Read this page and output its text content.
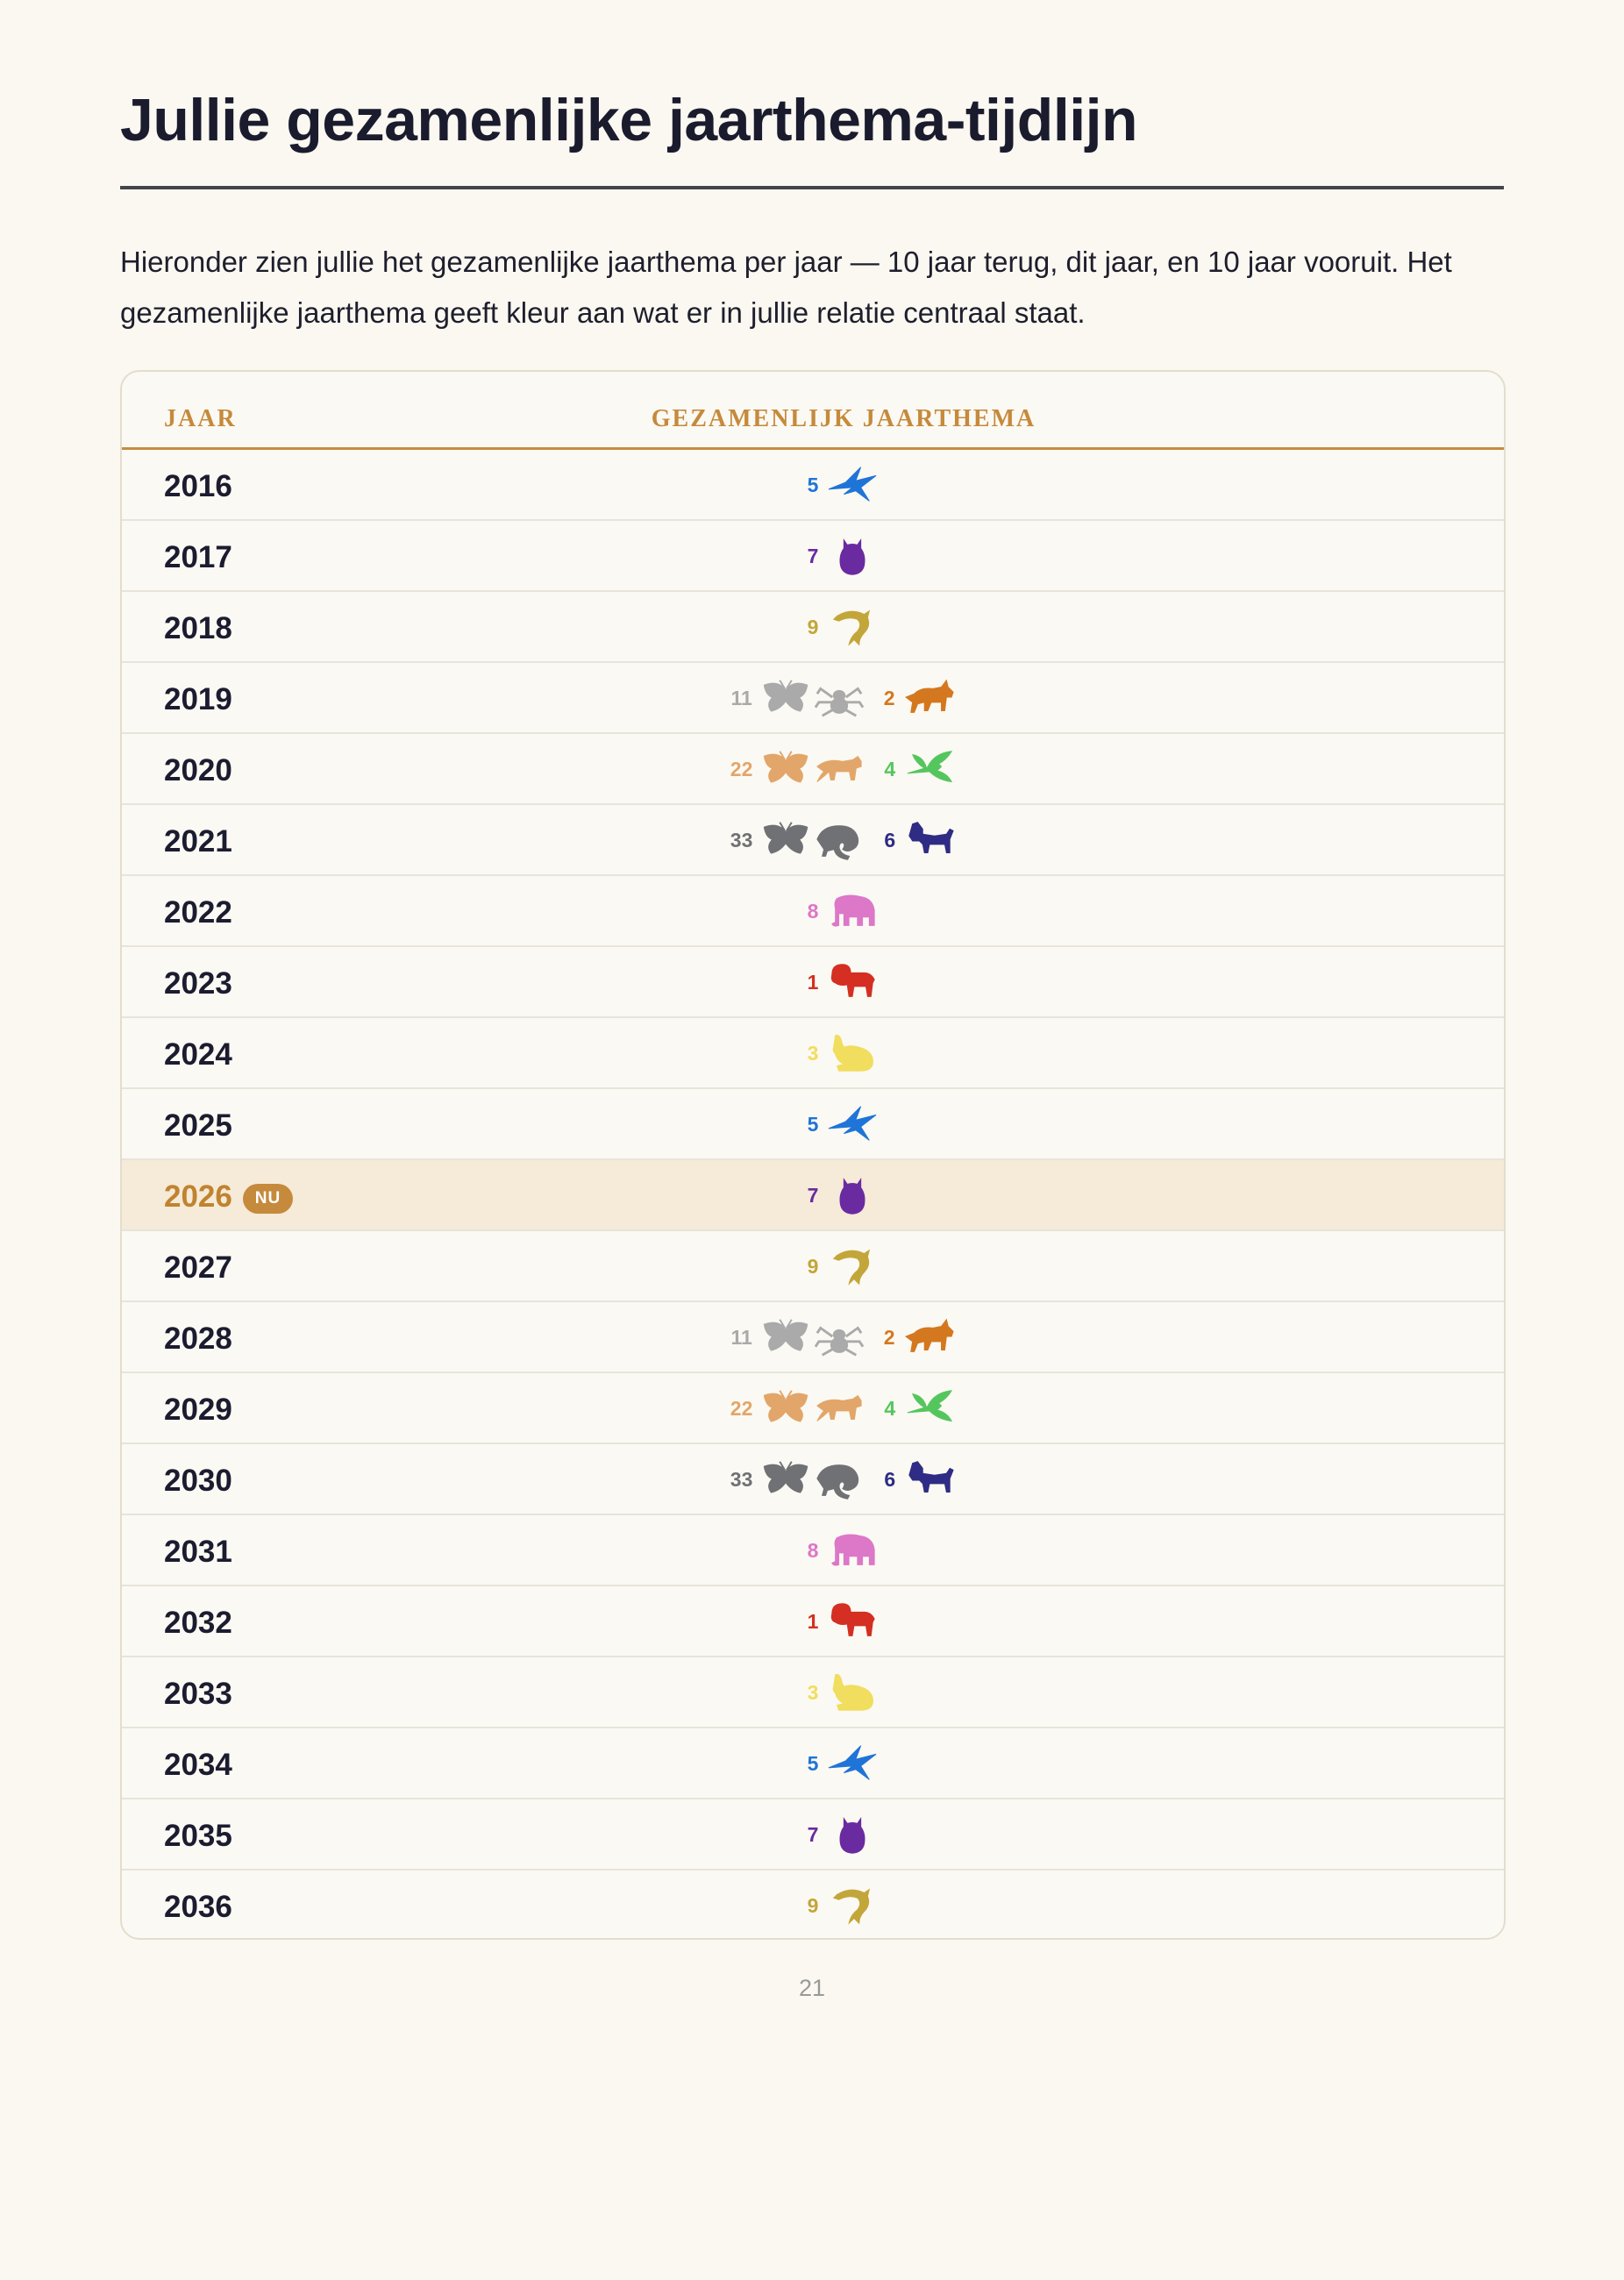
Jullie gezamenlijke jaarthema-tijdlijn

Hieronder zien jullie het gezamenlijke jaarthema per jaar — 10 jaar terug, dit jaar, en 10 jaar vooruit. Het gezamenlijke jaarthema geeft kleur aan wat er in jullie relatie centraal staat.

JAAR	GEZAMENLIJK JAARTHEMA
2016	5
2017	7
2018	9
2019	11	2
2020	22	4
2021	33	6
2022	8
2023	1
2024	3
2025	5
2026	NU	7
2027	9
2028	11	2
2029	22	4
2030	33	6
2031	8
2032	1
2033	3
2034	5
2035	7
2036	9
21
